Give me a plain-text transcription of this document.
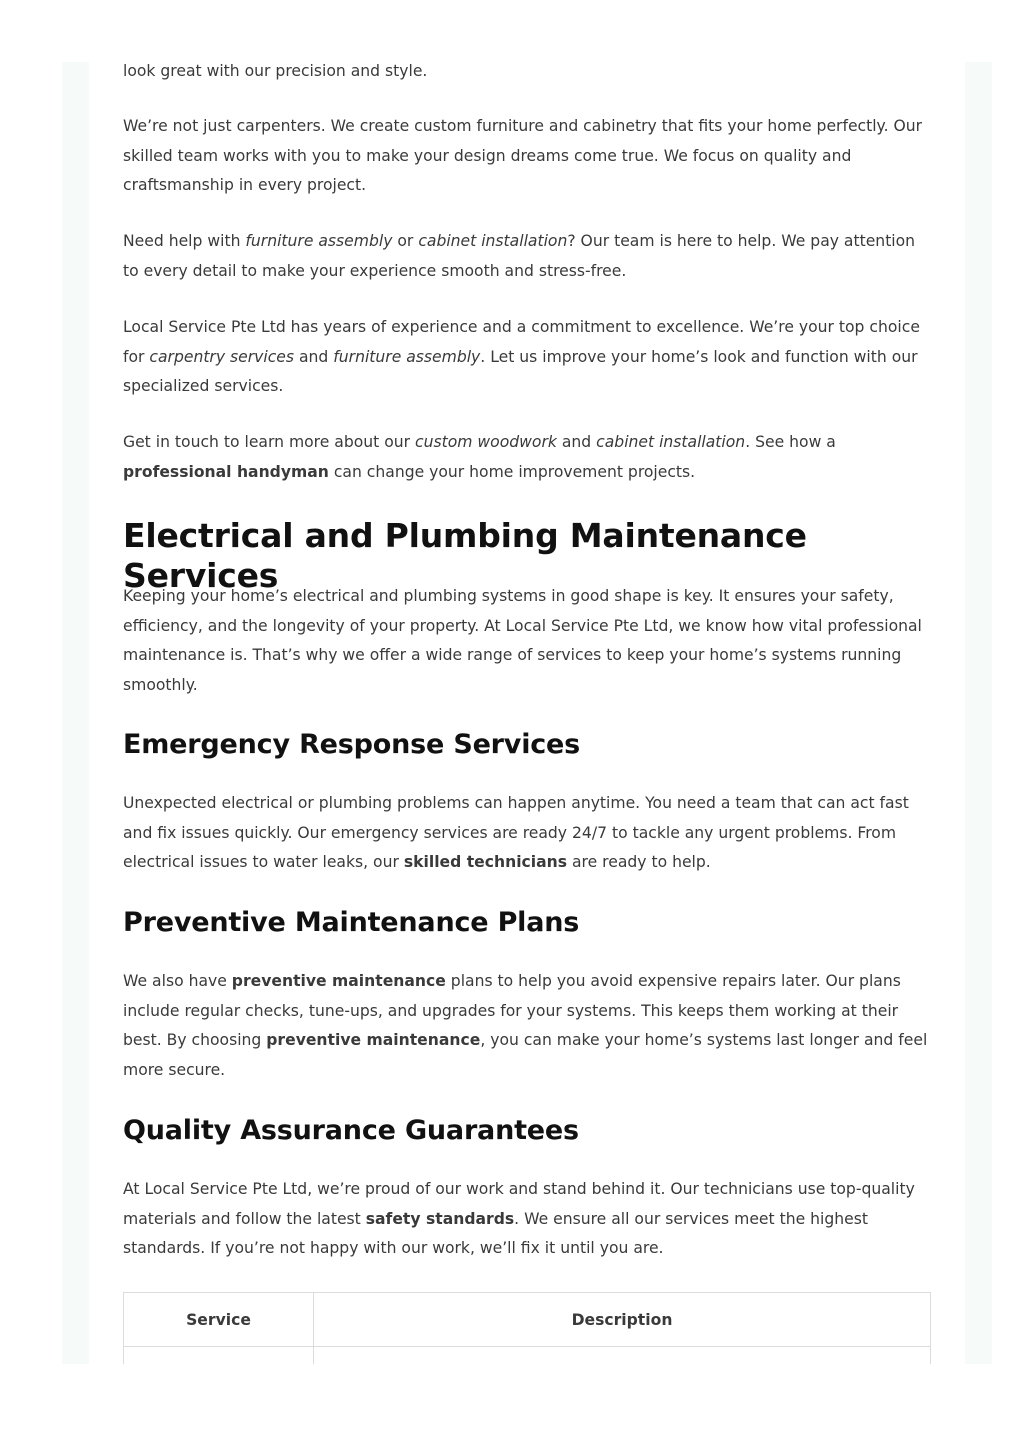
look great with our precision and style.

We’re not just carpenters. We create custom furniture and cabinetry that fits your home perfectly. Our skilled team works with you to make your design dreams come true. We focus on quality and craftsmanship in every project.

Need help with furniture assembly or cabinet installation? Our team is here to help. We pay attention to every detail to make your experience smooth and stress-free.

Local Service Pte Ltd has years of experience and a commitment to excellence. We’re your top choice for carpentry services and furniture assembly. Let us improve your home’s look and function with our specialized services.

Get in touch to learn more about our custom woodwork and cabinet installation. See how a professional handyman can change your home improvement projects.

Electrical and Plumbing Maintenance Services

Keeping your home’s electrical and plumbing systems in good shape is key. It ensures your safety, efficiency, and the longevity of your property. At Local Service Pte Ltd, we know how vital professional maintenance is. That’s why we offer a wide range of services to keep your home’s systems running smoothly.

Emergency Response Services

Unexpected electrical or plumbing problems can happen anytime. You need a team that can act fast and fix issues quickly. Our emergency services are ready 24/7 to tackle any urgent problems. From electrical issues to water leaks, our skilled technicians are ready to help.

Preventive Maintenance Plans

We also have preventive maintenance plans to help you avoid expensive repairs later. Our plans include regular checks, tune-ups, and upgrades for your systems. This keeps them working at their best. By choosing preventive maintenance, you can make your home’s systems last longer and feel more secure.

Quality Assurance Guarantees

At Local Service Pte Ltd, we’re proud of our work and stand behind it. Our technicians use top-quality materials and follow the latest safety standards. We ensure all our services meet the highest standards. If you’re not happy with our work, we’ll fix it until you are.

Service	Description
